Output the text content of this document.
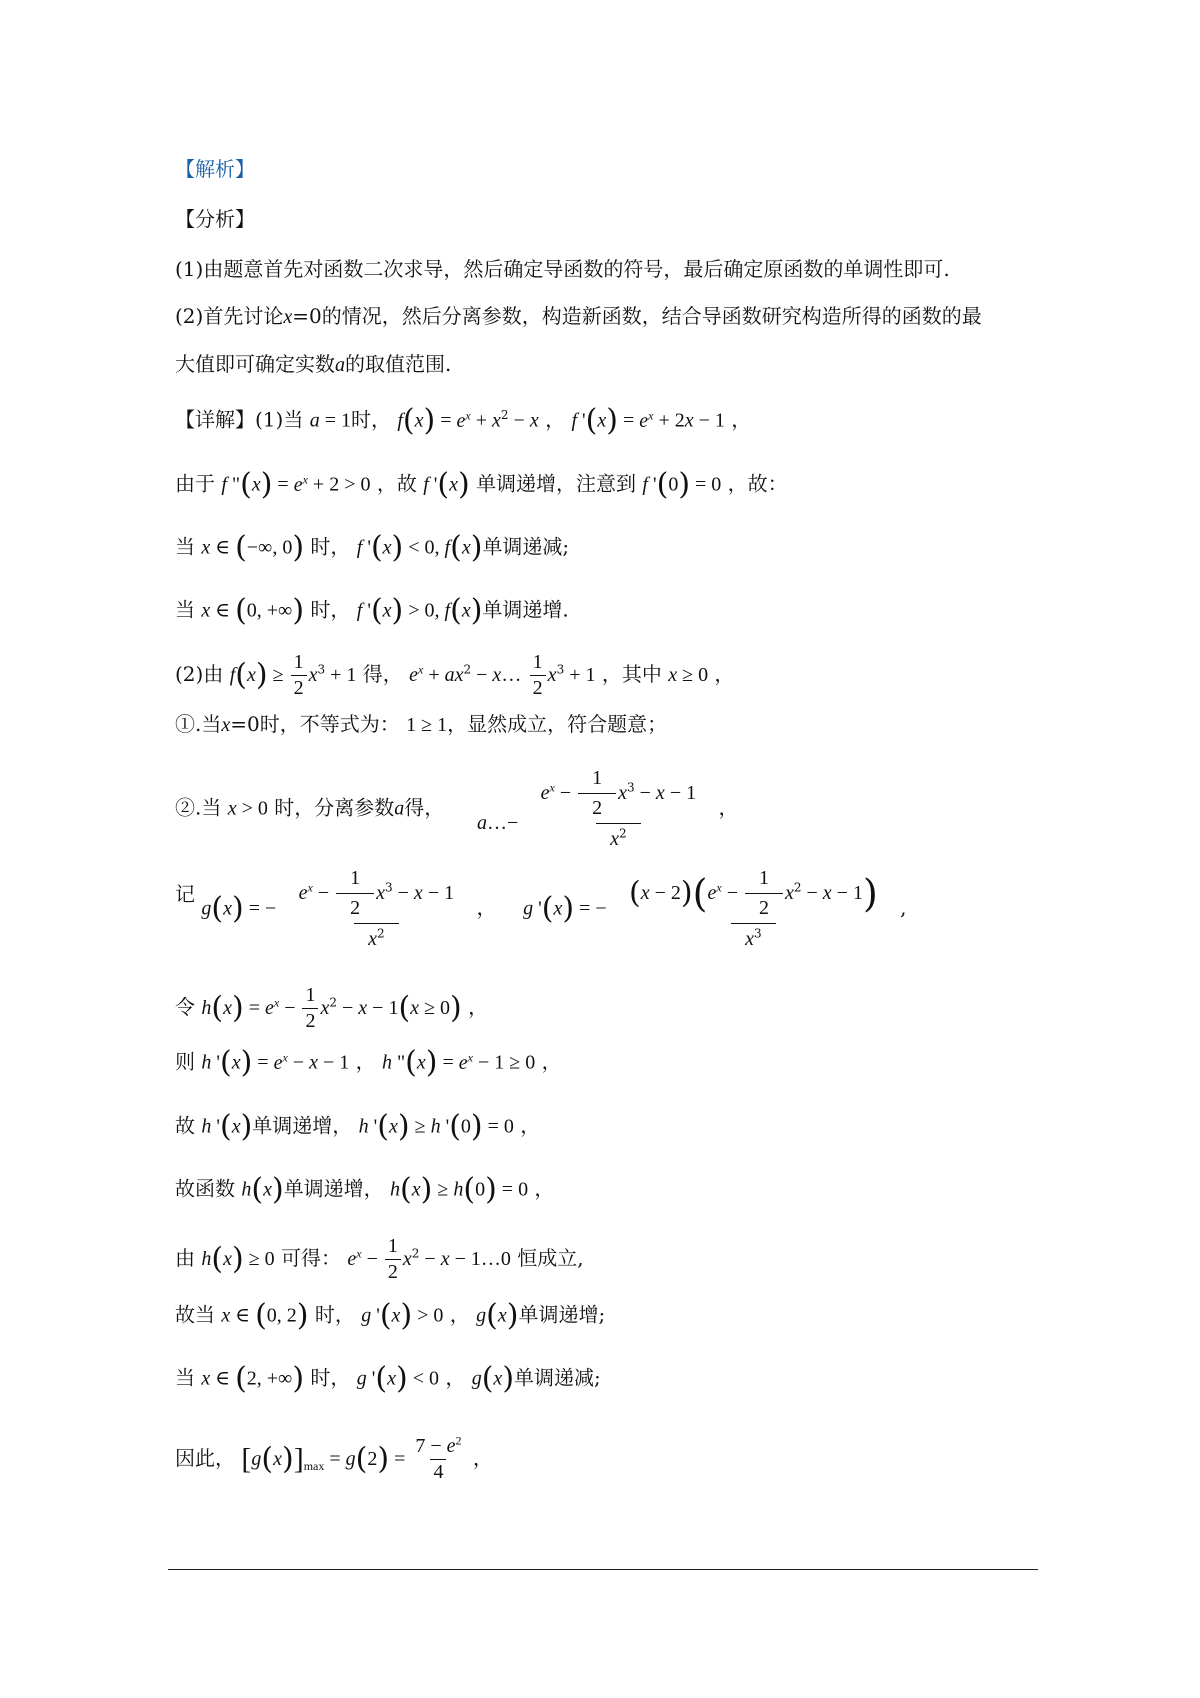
【解析】
【分析】
(1)由题意首先对函数二次求导，然后确定导函数的符号，最后确定原函数的单调性即可.
(2)首先讨论x=0的情况，然后分离参数，构造新函数，结合导函数研究构造所得的函数的最
大值即可确定实数a的取值范围.
【详解】(1)当 a = 1时， $f(x) = e^x + x^2 - x$ ， f '$(x) = e^x + 2x - 1$ ，
由于 f "$(x) = e^x + 2 > 0$ ，故 f '(x) 单调递增，注意到 f '(0) = 0 ，故：
当 x ∈ (−∞, 0) 时， f '(x) < 0, f(x)单调递减;
当 x ∈ (0, +∞) 时， f '(x) > 0, f(x)单调递增.
(2)由 $f(x) \ge \frac{1}{2} x^3 + 1$ 得， $e^x + ax^2$ − x… $\frac{1}{2} x^3 + 1$ ，其中 x ≥ 0 ，
①.当x=0时，不等式为： 1 ≥ 1，显然成立，符合题意；
②.当 x > 0 时，分离参数a得，  a…− $\frac{e^x - \frac{1}{2} x^3 - x - 1}{x^2}$ ，
记 g(x) = − $\frac{e^x - \frac{1}{2} x^3 - x - 1}{x^2}$ ，  g '(x) = − $\frac{(x - 2)(e^x - \frac{1}{2} x^2 - x - 1)}{x^3}$ ,
令 $h(x) = e^x - \frac{1}{2} x^2 - x - 1(x \ge 0)$ ，
则 h '$(x) = e^x - x - 1$ ， h "$(x) = e^x - 1 \ge 0$ ，
故 h '(x)单调递增， h '(x) ≥ h '(0) = 0 ，
故函数 h(x)单调递增， h(x) ≥ h(0) = 0 ，
由 h(x) ≥ 0 可得： $e^x - \frac{1}{2} x^2 - x$ − 1…0 恒成立,
故当 x ∈ (0, 2) 时， g '(x) > 0 ， g(x)单调递增;
当 x ∈ (2, +∞) 时， g '(x) < 0 ， g(x)单调递减;
因此， $[g(x)]_{max} = g(2) = \frac{7 - e^2}{4}$ ，
